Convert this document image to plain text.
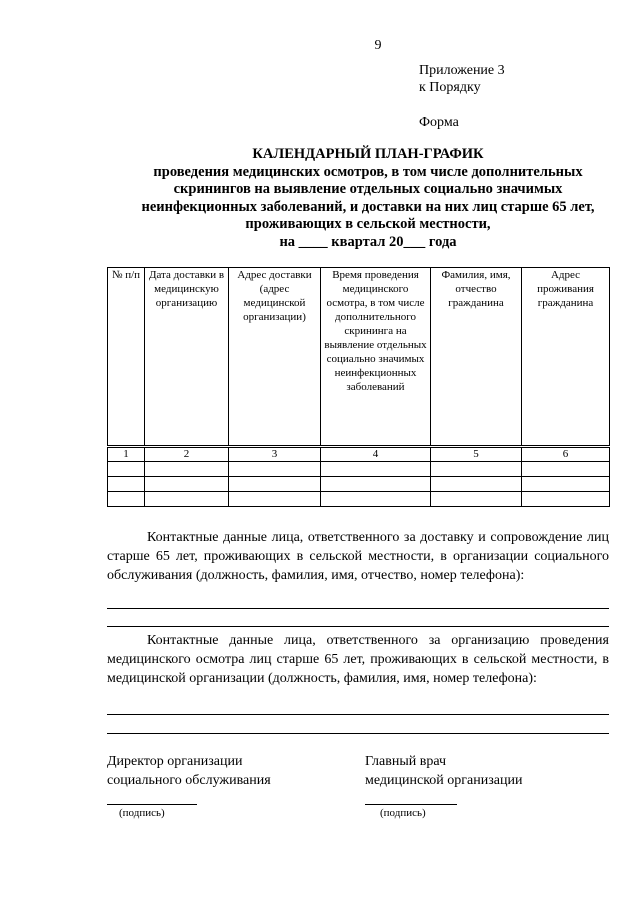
9
Приложение 3
к Порядку
Форма
КАЛЕНДАРНЫЙ ПЛАН-ГРАФИК
проведения медицинских осмотров, в том числе дополнительных
скринингов на выявление отдельных социально значимых
неинфекционных заболеваний, и доставки на них лиц старше 65 лет,
проживающих в сельской местности,
на ____ квартал 20___ года
№ п/п	Дата доставки в медицинскую организацию	Адрес доставки (адрес медицинской организации)	Время проведения медицинского осмотра, в том числе дополнительного скрининга на выявление отдельных социально значимых неинфекционных заболеваний	Фамилия, имя, отчество гражданина	Адрес проживания гражданина
1	2	3	4	5	6

Контактные данные лица, ответственного за доставку и сопровождение лиц старше 65 лет, проживающих в сельской местности, в организации социального обслуживания (должность, фамилия, имя, отчество, номер телефона):
Контактные данные лица, ответственного за организацию проведения медицинского осмотра лиц старше 65 лет, проживающих в сельской местности, в медицинской организации (должность, фамилия, имя, номер телефона):
Директор организации
социального обслуживания
(подпись)
Главный врач
медицинской организации
(подпись)
